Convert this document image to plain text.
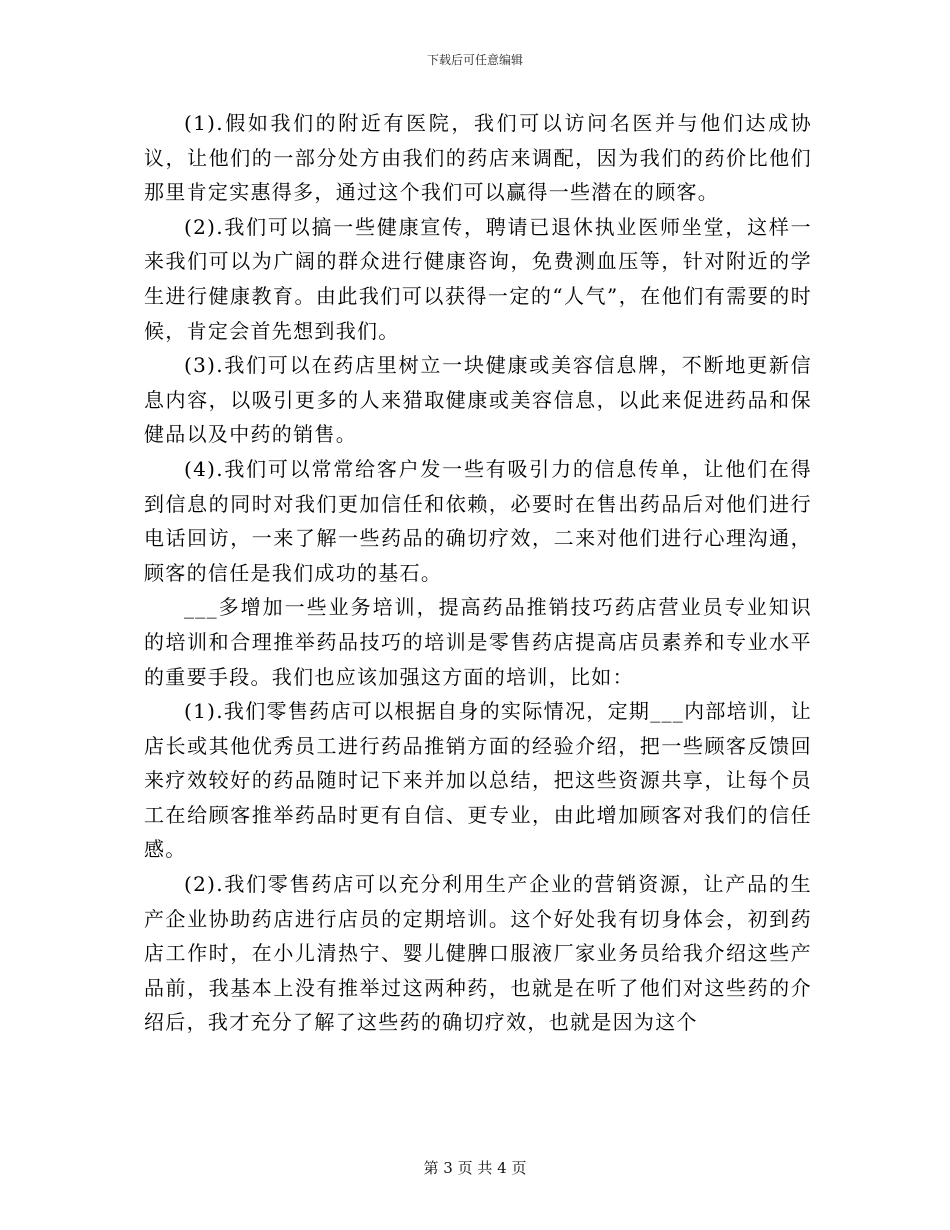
下载后可任意编辑

(1).假如我们的附近有医院，我们可以访问名医并与他们达成协议，让他们的一部分处方由我们的药店来调配，因为我们的药价比他们那里肯定实惠得多，通过这个我们可以赢得一些潜在的顾客。

(2).我们可以搞一些健康宣传，聘请已退休执业医师坐堂，这样一来我们可以为广阔的群众进行健康咨询，免费测血压等，针对附近的学生进行健康教育。由此我们可以获得一定的“人气”，在他们有需要的时候，肯定会首先想到我们。

(3).我们可以在药店里树立一块健康或美容信息牌，不断地更新信息内容，以吸引更多的人来猎取健康或美容信息，以此来促进药品和保健品以及中药的销售。

(4).我们可以常常给客户发一些有吸引力的信息传单，让他们在得到信息的同时对我们更加信任和依赖，必要时在售出药品后对他们进行电话回访，一来了解一些药品的确切疗效，二来对他们进行心理沟通，顾客的信任是我们成功的基石。

___多增加一些业务培训，提高药品推销技巧药店营业员专业知识的培训和合理推举药品技巧的培训是零售药店提高店员素养和专业水平的重要手段。我们也应该加强这方面的培训，比如：

(1).我们零售药店可以根据自身的实际情况，定期___内部培训，让店长或其他优秀员工进行药品推销方面的经验介绍，把一些顾客反馈回来疗效较好的药品随时记下来并加以总结，把这些资源共享，让每个员工在给顾客推举药品时更有自信、更专业，由此增加顾客对我们的信任感。

(2).我们零售药店可以充分利用生产企业的营销资源，让产品的生产企业协助药店进行店员的定期培训。这个好处我有切身体会，初到药店工作时，在小儿清热宁、婴儿健脾口服液厂家业务员给我介绍这些产品前，我基本上没有推举过这两种药，也就是在听了他们对这些药的介绍后，我才充分了解了这些药的确切疗效，也就是因为这个

第 3 页 共 4 页
